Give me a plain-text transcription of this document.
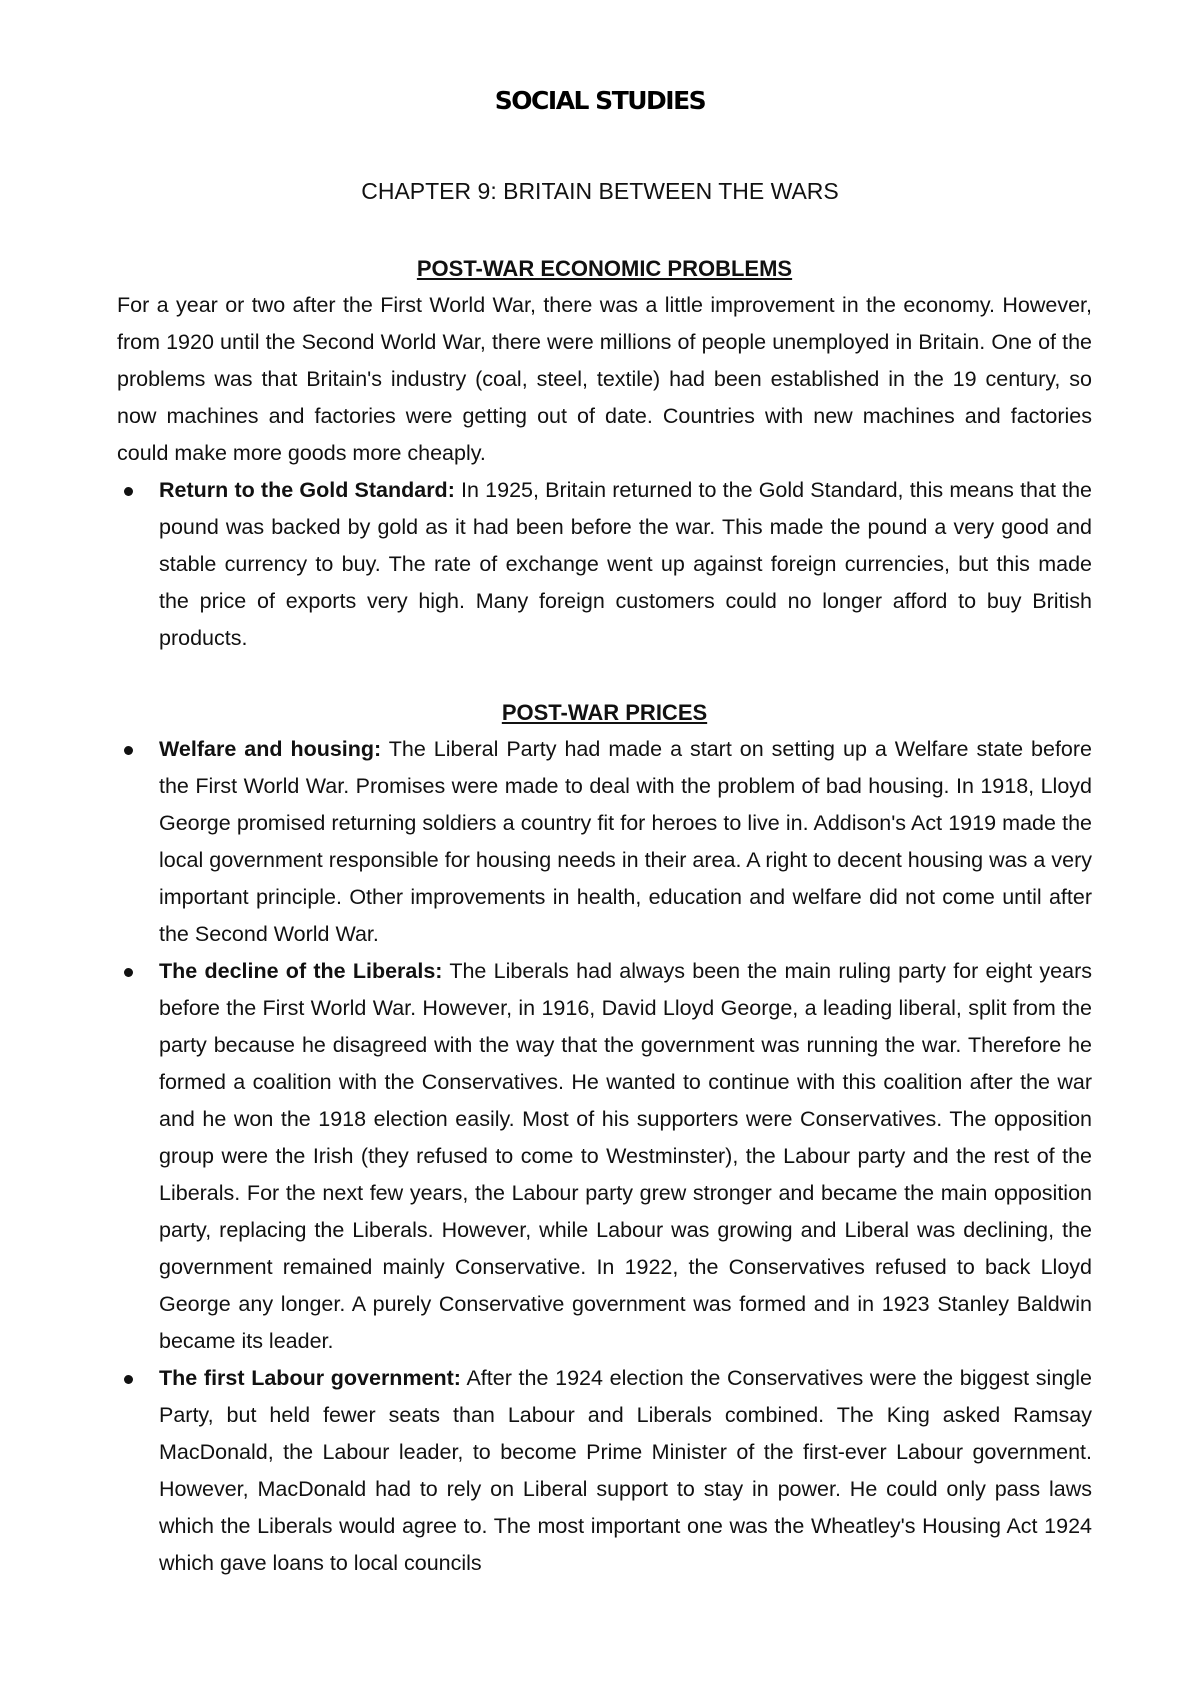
SOCIAL STUDIES
CHAPTER 9: BRITAIN BETWEEN THE WARS
POST-WAR ECONOMIC PROBLEMS

For a year or two after the First World War, there was a little improvement in the economy. However, from 1920 until the Second World War, there were millions of people unemployed in Britain. One of the problems was that Britain's industry (coal, steel, textile) had been established in the 19 century, so now machines and factories were getting out of date. Countries with new machines and factories could make more goods more cheaply.

Return to the Gold Standard: In 1925, Britain returned to the Gold Standard, this means that the pound was backed by gold as it had been before the war. This made the pound a very good and stable currency to buy. The rate of exchange went up against foreign currencies, but this made the price of exports very high. Many foreign customers could no longer afford to buy British products.
POST-WAR PRICES
Welfare and housing: The Liberal Party had made a start on setting up a Welfare state before the First World War. Promises were made to deal with the problem of bad housing. In 1918, Lloyd George promised returning soldiers a country fit for heroes to live in. Addison's Act 1919 made the local government responsible for housing needs in their area. A right to decent housing was a very important principle. Other improvements in health, education and welfare did not come until after the Second World War.
The decline of the Liberals: The Liberals had always been the main ruling party for eight years before the First World War. However, in 1916, David Lloyd George, a leading liberal, split from the party because he disagreed with the way that the government was running the war. Therefore he formed a coalition with the Conservatives. He wanted to continue with this coalition after the war and he won the 1918 election easily. Most of his supporters were Conservatives. The opposition group were the Irish (they refused to come to Westminster), the Labour party and the rest of the Liberals. For the next few years, the Labour party grew stronger and became the main opposition party, replacing the Liberals. However, while Labour was growing and Liberal was declining, the government remained mainly Conservative. In 1922, the Conservatives refused to back Lloyd George any longer. A purely Conservative government was formed and in 1923 Stanley Baldwin became its leader.
The first Labour government: After the 1924 election the Conservatives were the biggest single Party, but held fewer seats than Labour and Liberals combined. The King asked Ramsay MacDonald, the Labour leader, to become Prime Minister of the first-ever Labour government. However, MacDonald had to rely on Liberal support to stay in power. He could only pass laws which the Liberals would agree to. The most important one was the Wheatley's Housing Act 1924 which gave loans to local councils
